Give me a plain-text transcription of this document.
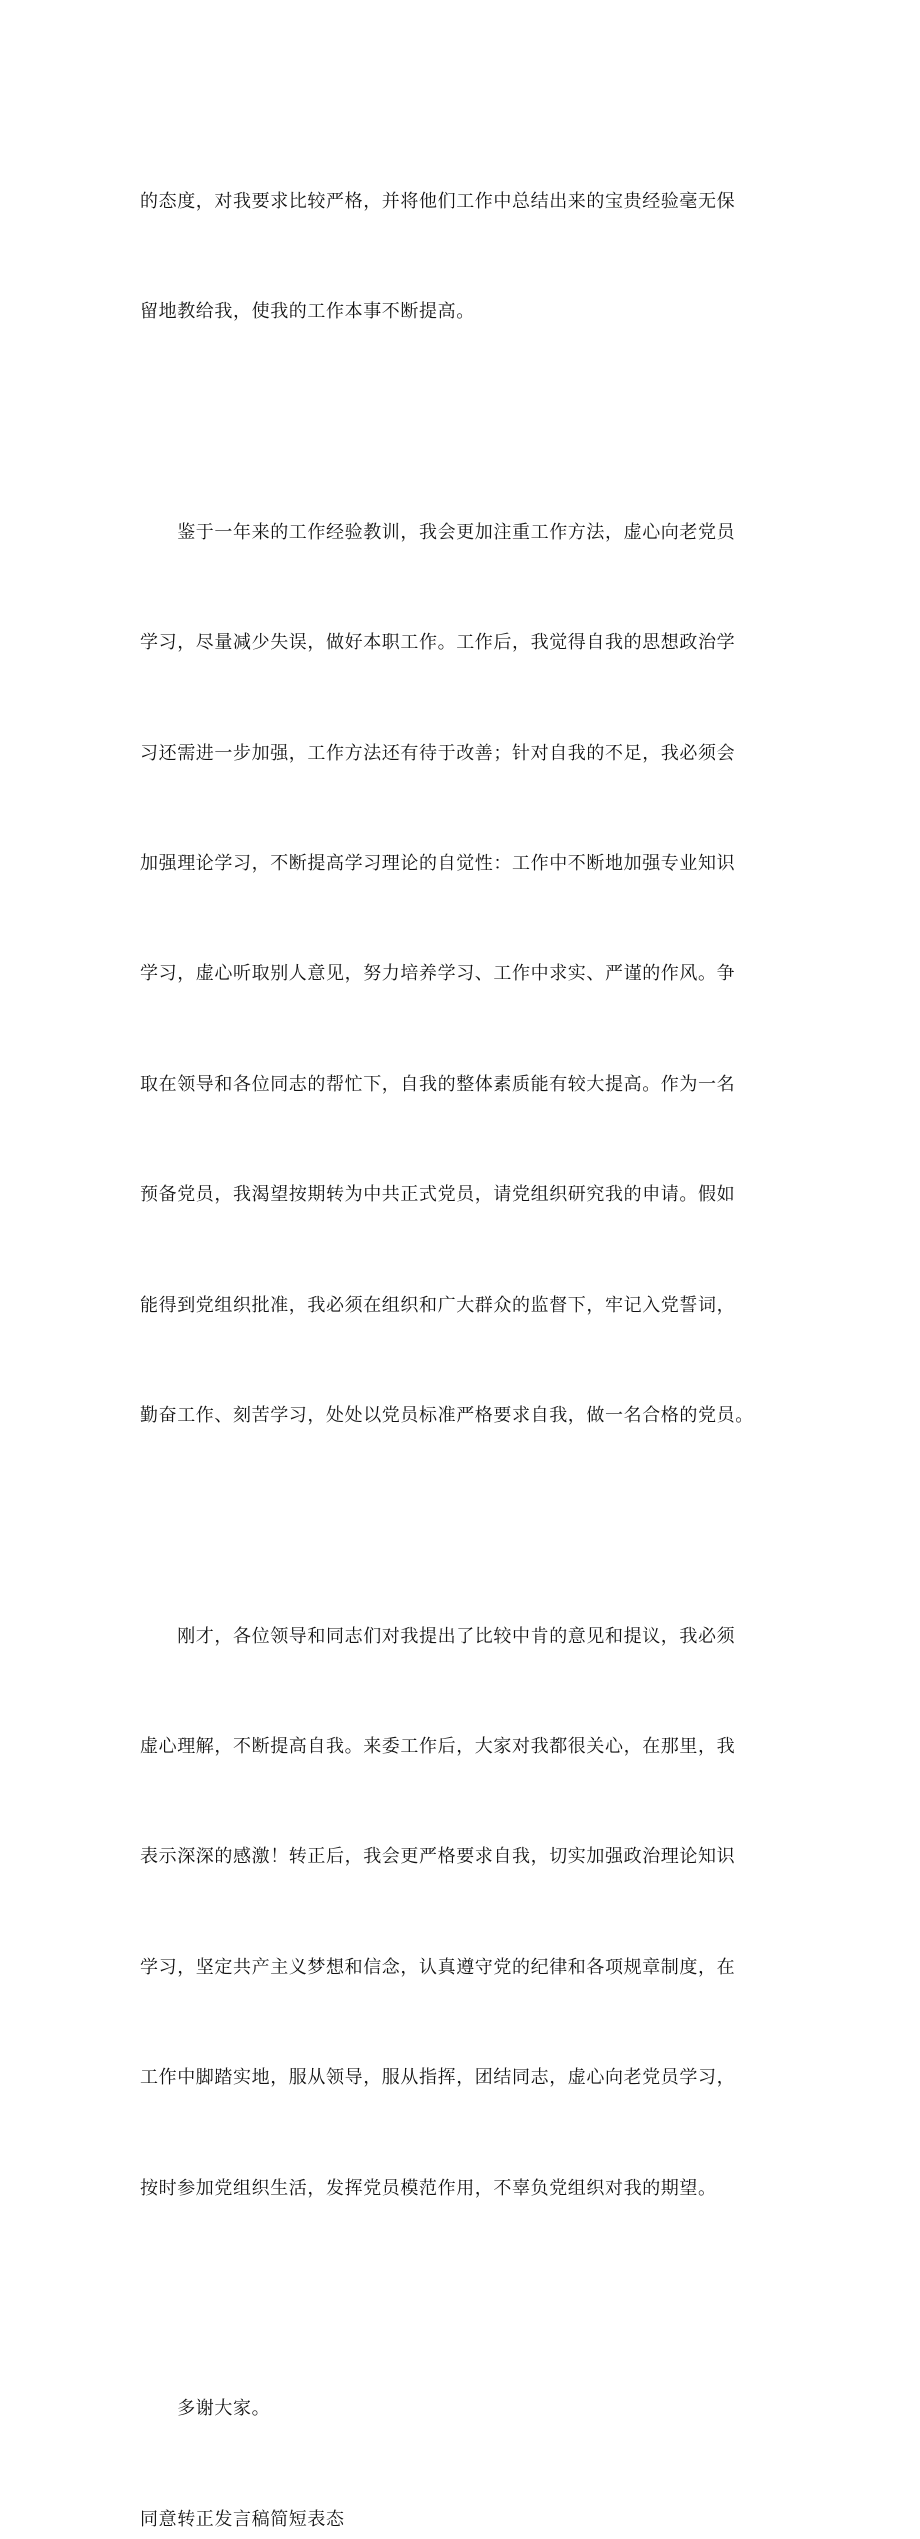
的态度，对我要求比较严格，并将他们工作中总结出来的宝贵经验毫无保

留地教给我，使我的工作本事不断提高。

　　鉴于一年来的工作经验教训，我会更加注重工作方法，虚心向老党员

学习，尽量减少失误，做好本职工作。工作后，我觉得自我的思想政治学

习还需进一步加强，工作方法还有待于改善；针对自我的不足，我必须会

加强理论学习，不断提高学习理论的自觉性：工作中不断地加强专业知识

学习，虚心听取别人意见，努力培养学习、工作中求实、严谨的作风。争

取在领导和各位同志的帮忙下，自我的整体素质能有较大提高。作为一名

预备党员，我渴望按期转为中共正式党员，请党组织研究我的申请。假如

能得到党组织批准，我必须在组织和广大群众的监督下，牢记入党誓词，

勤奋工作、刻苦学习，处处以党员标准严格要求自我，做一名合格的党员。

　　刚才，各位领导和同志们对我提出了比较中肯的意见和提议，我必须

虚心理解，不断提高自我。来委工作后，大家对我都很关心，在那里，我

表示深深的感激！转正后，我会更严格要求自我，切实加强政治理论知识

学习，坚定共产主义梦想和信念，认真遵守党的纪律和各项规章制度，在

工作中脚踏实地，服从领导，服从指挥，团结同志，虚心向老党员学习，

按时参加党组织生活，发挥党员模范作用，不辜负党组织对我的期望。

　　多谢大家。

同意转正发言稿简短表态
